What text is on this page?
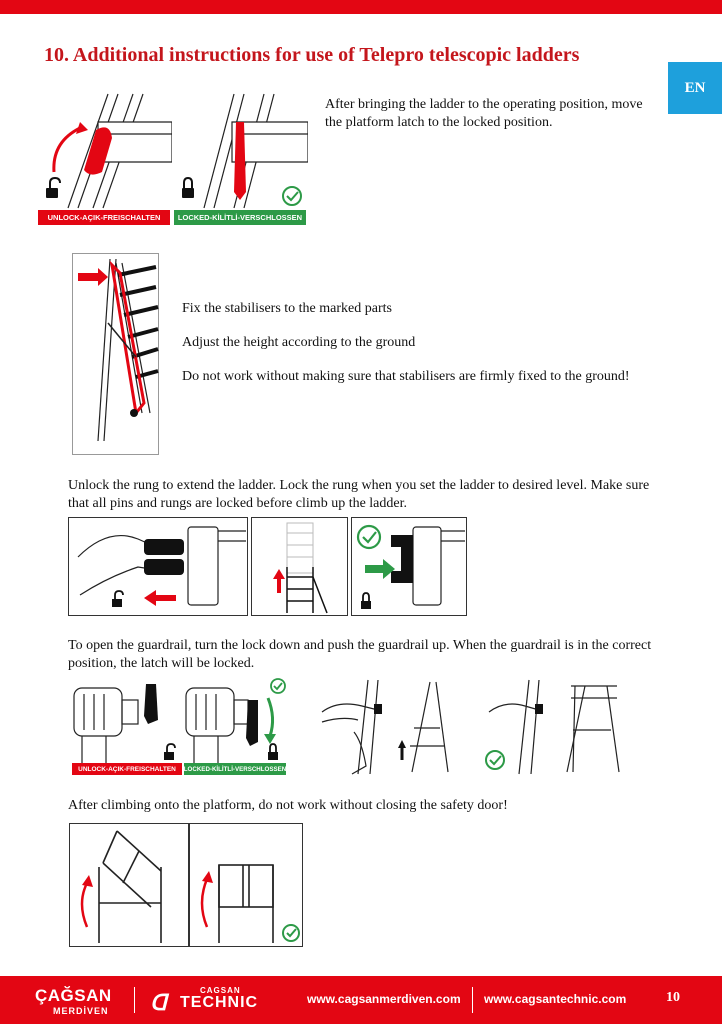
10. Additional instructions for use of Telepro telescopic ladders
EN
UNLOCK-AÇIK-FREISCHALTEN	LOCKED-KİLİTLİ-VERSCHLOSSEN

After bringing the ladder to the operating position, move the platform latch to the locked position.

Fix the stabilisers to the marked parts

Adjust the height according to the ground

Do not work without making sure that stabilisers are firmly fixed to the ground!

Unlock the rung to extend the ladder. Lock the rung when you set the ladder to desired level. Make sure that all pins and rungs are locked before climb up the ladder.

To open the guardrail, turn the lock down and push the guardrail up. When the guardrail is in the correct position, the latch will be locked.

UNLOCK-AÇIK-FREISCHALTEN	LOCKED-KİLİTLİ-VERSCHLOSSEN

After climbing onto the platform, do not work without closing the safety door!

ÇAĞSAN
MERDİVEN ᗡ	CAGSAN
TECHNIC	www.cagsanmerdiven.com www.cagsantechnic.com	10
